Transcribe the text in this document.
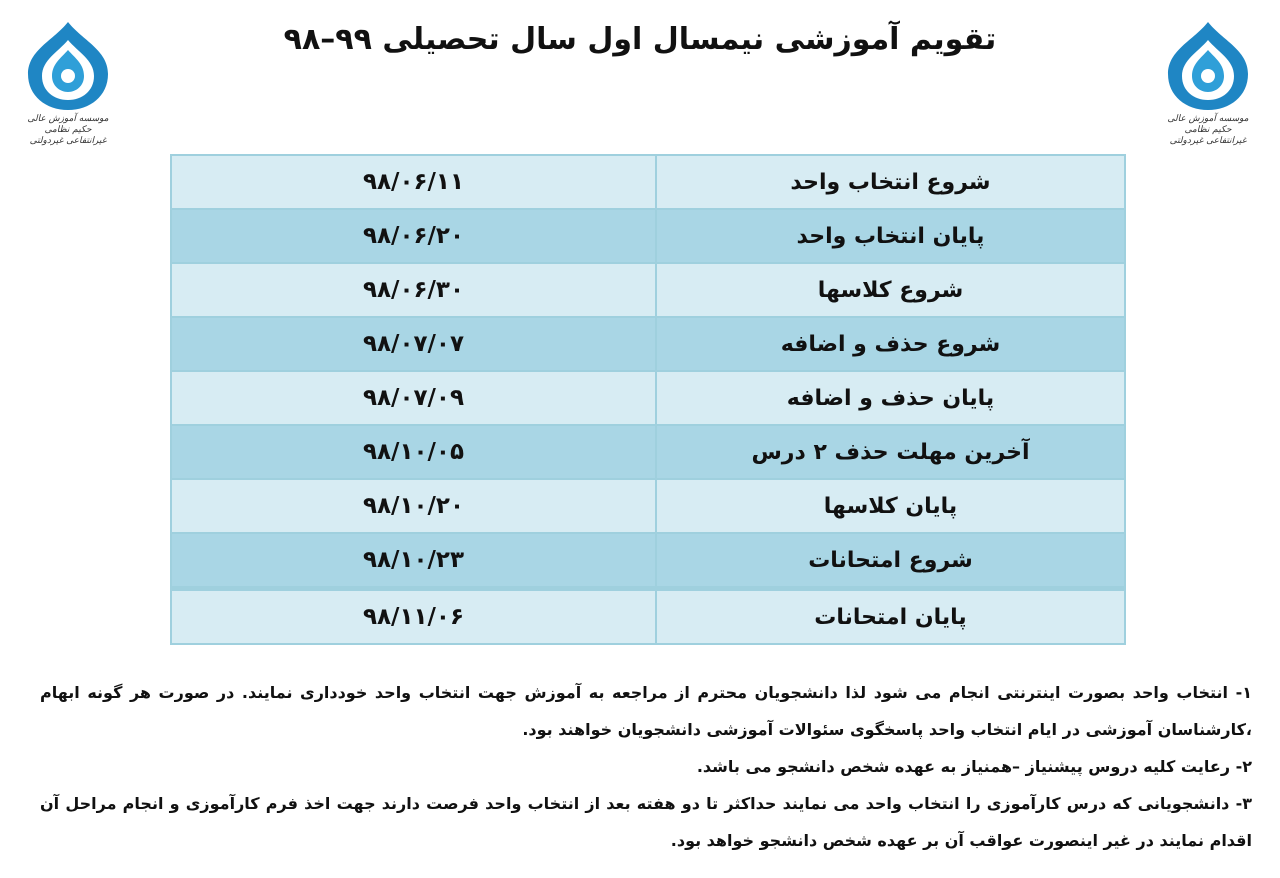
موسسه آموزش عالی حکیم نظامی
غیرانتفاعی غیردولتی
موسسه آموزش عالی حکیم نظامی
غیرانتفاعی غیردولتی
تقویم آموزشی نیمسال اول سال تحصیلی ۹۹–۹۸
شروع انتخاب واحد	۹۸/۰۶/۱۱
پایان انتخاب واحد	۹۸/۰۶/۲۰
شروع کلاسها	۹۸/۰۶/۳۰
شروع حذف و اضافه	۹۸/۰۷/۰۷
پایان حذف و اضافه	۹۸/۰۷/۰۹
آخرین مهلت حذف ۲ درس	۹۸/۱۰/۰۵
پایان کلاسها	۹۸/۱۰/۲۰
شروع امتحانات	۹۸/۱۰/۲۳
پایان امتحانات	۹۸/۱۱/۰۶

۱- انتخاب واحد بصورت اینترنتی انجام می شود لذا دانشجویان محترم از مراجعه به آموزش جهت انتخاب واحد خودداری نمایند. در صورت هر گونه ابهام ،کارشناسان آموزشی در ایام انتخاب واحد پاسخگوی سئوالات آموزشی دانشجویان خواهند بود.

۲- رعایت کلیه دروس پیشنیاز –همنیاز به عهده شخص دانشجو می باشد.

۳- دانشجویانی که درس کارآموزی را انتخاب واحد می نمایند حداکثر تا دو هفته بعد از انتخاب واحد فرصت دارند جهت اخذ فرم کارآموزی و انجام مراحل آن اقدام نمایند در غیر اینصورت عواقب آن بر عهده شخص دانشجو خواهد بود.
